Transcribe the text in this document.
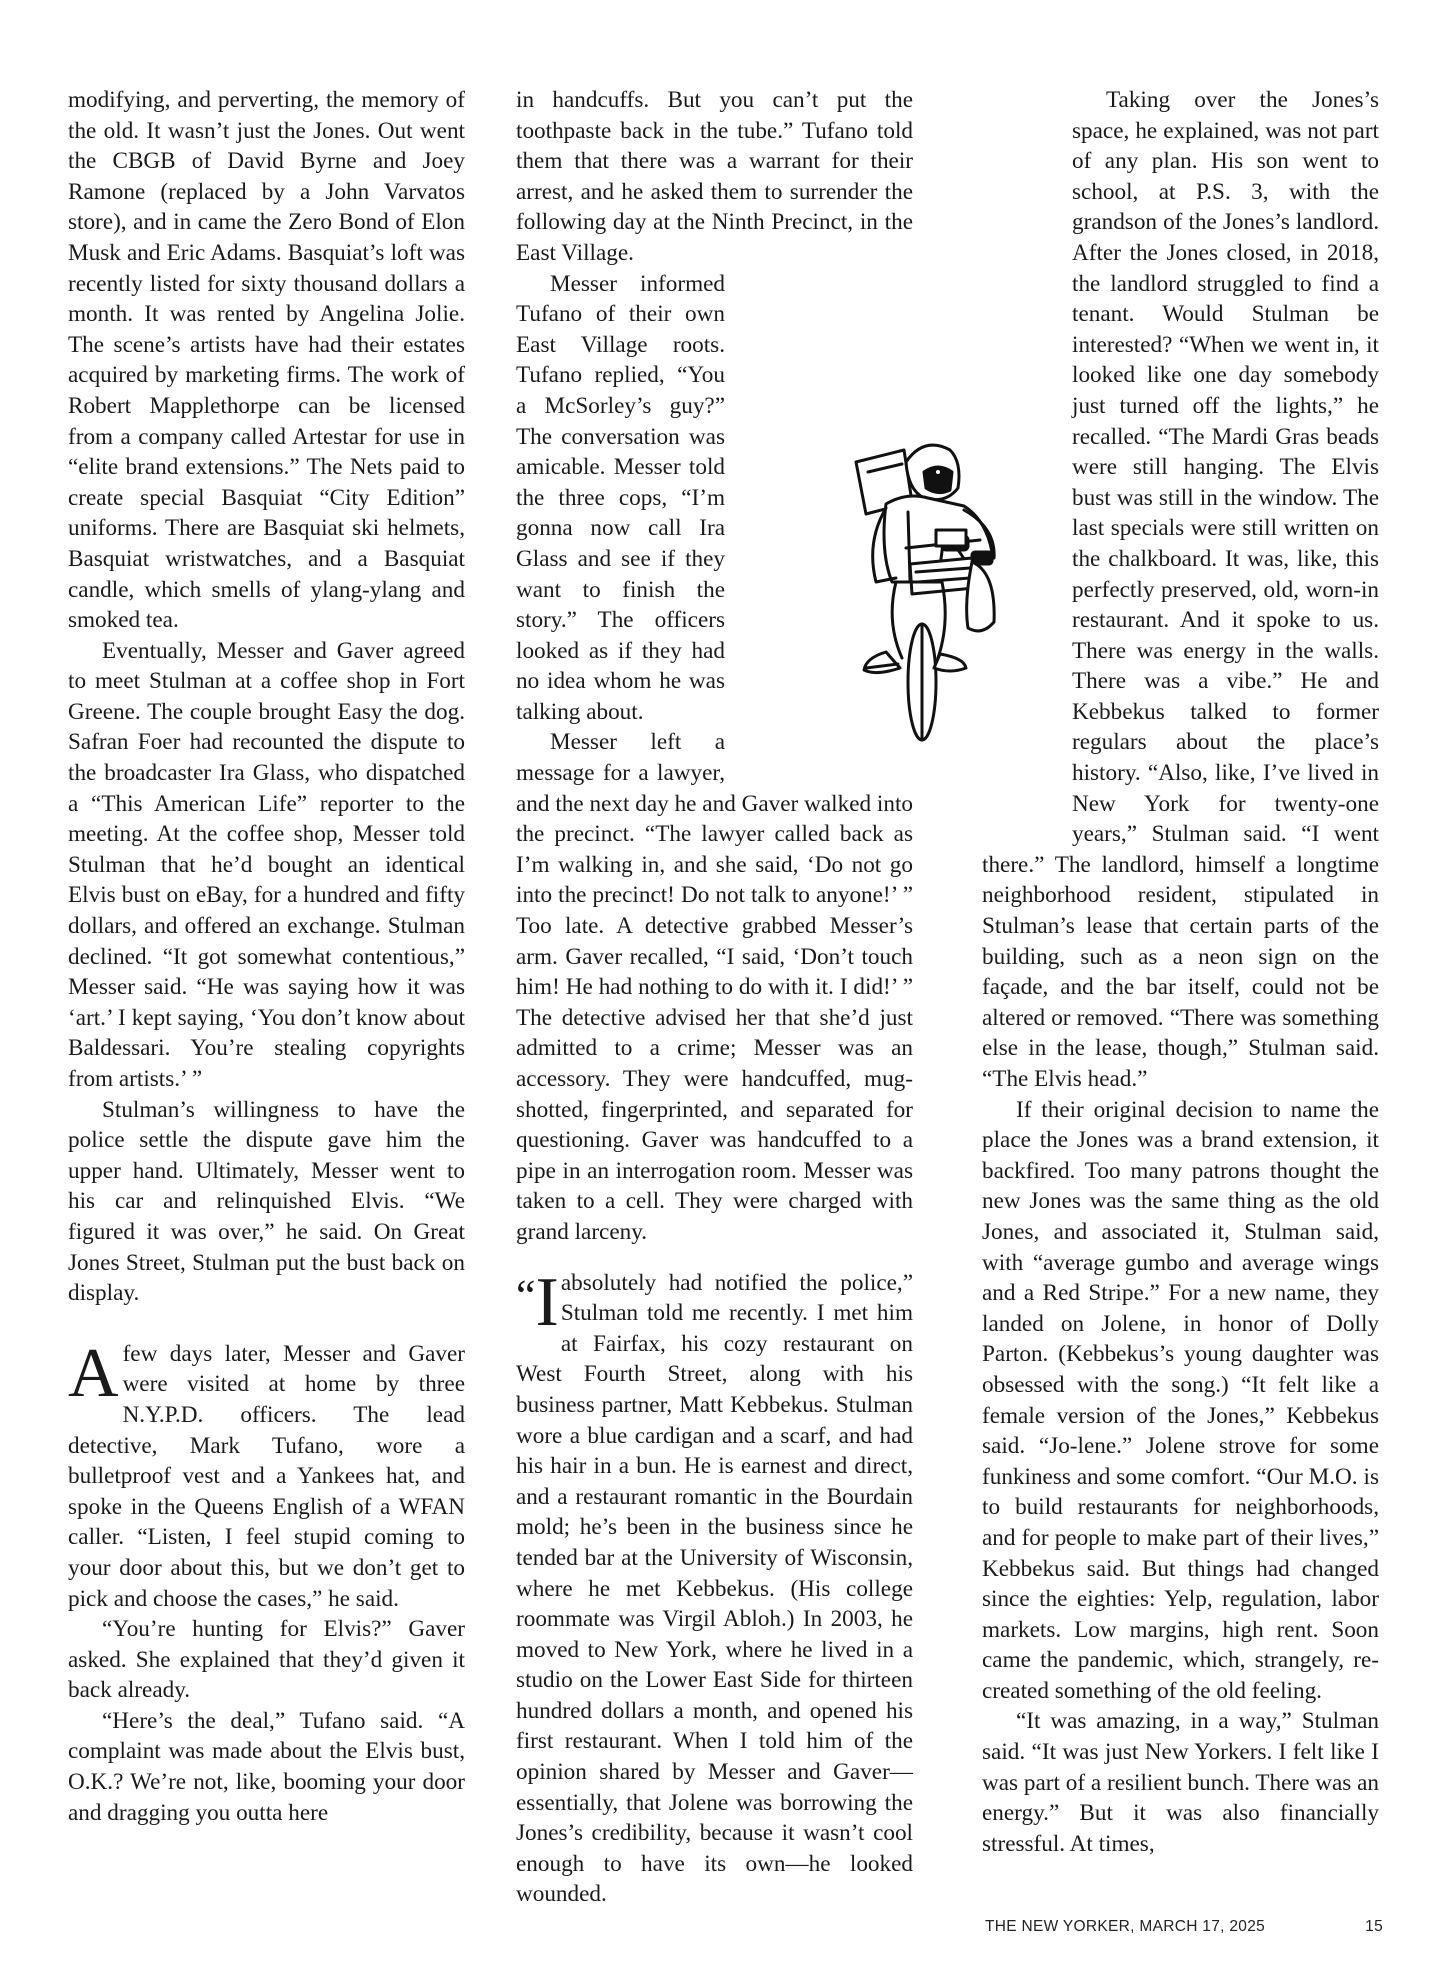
modifying, and perverting, the memory of the old. It wasn’t just the Jones. Out went the CBGB of David Byrne and Joey Ramone (replaced by a John Varvatos store), and in came the Zero Bond of Elon Musk and Eric Adams. Basquiat’s loft was recently listed for sixty thousand dollars a month. It was rented by Angelina Jolie. The scene’s artists have had their estates acquired by marketing firms. The work of Robert Mapplethorpe can be licensed from a company called Artestar for use in “elite brand extensions.” The Nets paid to create special Basquiat “City Edition” uniforms. There are Basquiat ski helmets, Basquiat wristwatches, and a Basquiat candle, which smells of ylang-ylang and smoked tea.

Eventually, Messer and Gaver agreed to meet Stulman at a coffee shop in Fort Greene. The couple brought Easy the dog. Safran Foer had recounted the dispute to the broadcaster Ira Glass, who dispatched a “This American Life” reporter to the meeting. At the coffee shop, Messer told Stulman that he’d bought an identical Elvis bust on eBay, for a hundred and fifty dollars, and offered an exchange. Stulman declined. “It got somewhat contentious,” Messer said. “He was saying how it was ‘art.’ I kept saying, ‘You don’t know about Baldessari. You’re stealing copyrights from artists.’ ”

Stulman’s willingness to have the police settle the dispute gave him the upper hand. Ultimately, Messer went to his car and relinquished Elvis. “We figured it was over,” he said. On Great Jones Street, Stulman put the bust back on display.

Afew days later, Messer and Gaver were visited at home by three N.Y.P.D. officers. The lead detective, Mark Tufano, wore a bulletproof vest and a Yankees hat, and spoke in the Queens English of a WFAN caller. “Listen, I feel stupid coming to your door about this, but we don’t get to pick and choose the cases,” he said.

“You’re hunting for Elvis?” Gaver asked. She explained that they’d given it back already.

“Here’s the deal,” Tufano said. “A complaint was made about the Elvis bust, O.K.? We’re not, like, booming your door and dragging you outta here

in handcuffs. But you can’t put the toothpaste back in the tube.” Tufano told them that there was a warrant for their arrest, and he asked them to surrender the following day at the Ninth Precinct, in the East Village.

Messer informed Tufano of their own East Village roots. Tufano replied, “You a McSorley’s guy?” The conversation was amicable. Messer told the three cops, “I’m gonna now call Ira Glass and see if they want to finish the story.” The officers looked as if they had no idea whom he was talking about.

Messer left a message for a lawyer, and the next day he and Gaver walked into the precinct. “The lawyer called back as I’m walking in, and she said, ‘Do not go into the precinct! Do not talk to anyone!’ ” Too late. A detective grabbed Messer’s arm. Gaver recalled, “I said, ‘Don’t touch him! He had nothing to do with it. I did!’ ” The detective advised her that she’d just admitted to a crime; Messer was an accessory. They were handcuffed, mug-shotted, fingerprinted, and separated for questioning. Gaver was handcuffed to a pipe in an interrogation room. Messer was taken to a cell. They were charged with grand larceny.

“I absolutely had notified the police,” Stulman told me recently. I met him at Fairfax, his cozy restaurant on West Fourth Street, along with his business partner, Matt Kebbekus. Stulman wore a blue cardigan and a scarf, and had his hair in a bun. He is earnest and direct, and a restaurant romantic in the Bourdain mold; he’s been in the business since he tended bar at the University of Wisconsin, where he met Kebbekus. (His college roommate was Virgil Abloh.) In 2003, he moved to New York, where he lived in a studio on the Lower East Side for thirteen hundred dollars a month, and opened his first restaurant. When I told him of the opinion shared by Messer and Gaver—essentially, that Jolene was borrowing the Jones’s credibility, because it wasn’t cool enough to have its own—he looked wounded.

Taking over the Jones’s space, he explained, was not part of any plan. His son went to school, at P.S. 3, with the grandson of the Jones’s landlord. After the Jones closed, in 2018, the landlord struggled to find a tenant. Would Stulman be interested? “When we went in, it looked like one day somebody just turned off the lights,” he recalled. “The Mardi Gras beads were still hanging. The Elvis bust was still in the window. The last specials were still written on the chalkboard. It was, like, this perfectly preserved, old, worn-in restaurant. And it spoke to us. There was energy in the walls. There was a vibe.” He and Kebbekus talked to former regulars about the place’s history. “Also, like, I’ve lived in New York for twenty-one years,” Stulman said. “I went there.” The landlord, himself a longtime neighborhood resident, stipulated in Stulman’s lease that certain parts of the building, such as a neon sign on the façade, and the bar itself, could not be altered or removed. “There was something else in the lease, though,” Stulman said. “The Elvis head.”

If their original decision to name the place the Jones was a brand extension, it backfired. Too many patrons thought the new Jones was the same thing as the old Jones, and associated it, Stulman said, with “average gumbo and average wings and a Red Stripe.” For a new name, they landed on Jolene, in honor of Dolly Parton. (Kebbekus’s young daughter was obsessed with the song.) “It felt like a female version of the Jones,” Kebbekus said. “Jo-lene.” Jolene strove for some funkiness and some comfort. “Our M.O. is to build restaurants for neighborhoods, and for people to make part of their lives,” Kebbekus said. But things had changed since the eighties: Yelp, regulation, labor markets. Low margins, high rent. Soon came the pandemic, which, strangely, re-created something of the old feeling.

“It was amazing, in a way,” Stulman said. “It was just New Yorkers. I felt like I was part of a resilient bunch. There was an energy.” But it was also financially stressful. At times,

THE NEW YORKER, MARCH 17, 2025	15
